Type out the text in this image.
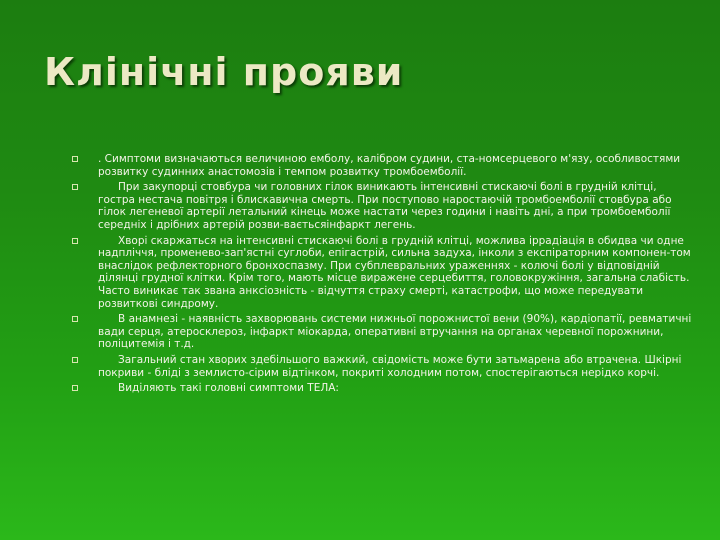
Клінічні прояви
. Симптоми визначаються величиною емболу, калібром судини, ста-номсерцевого м'язу, особливостями розвитку судинних анастомозів і темпом розвитку тромбоемболії.
При закупорці стовбура чи головних гілок виникають інтенсивні стискаючі болі в грудній клітці, гостра нестача повітря і блискавична смерть. При поступово наростаючій тромбоемболії стовбура або гілок легеневої артерії летальний кінець може настати через години і навіть дні, а при тромбоемболії середніх і дрібних артерій розви-ваєтьсяінфаркт легень.
Хворі скаржаться на інтенсивні стискаючі болі в грудній клітці, можлива іррадіація в обидва чи одне надпліччя, променево-зап'ястні суглоби, епігастрій, сильна задуха, інколи з експіраторним компонен-том внаслідок рефлекторного бронхоспазму. При субплевральних ураженнях - колючі болі у відповідній ділянці грудної клітки. Крім того, мають місце виражене серцебиття, головокружіння, загальна слабість. Часто виникає так звана анксіозність - відчуття страху смерті, катастрофи, що може передувати розвиткові синдрому.
В анамнезі - наявність захворювань системи нижньої порожнистої вени (90%), кардіопатії, ревматичні вади серця, атеросклероз, інфаркт міокарда, оперативні втручання на органах черевної порожнини, поліцитемія і т.д.
Загальний стан хворих здебільшого важкий, свідомість може бути затьмарена або втрачена. Шкірні покриви - бліді з землисто-сірим відтінком, покриті холодним потом, спостерігаються нерідко корчі.
Виділяють такі головні симптоми ТЕЛА:
